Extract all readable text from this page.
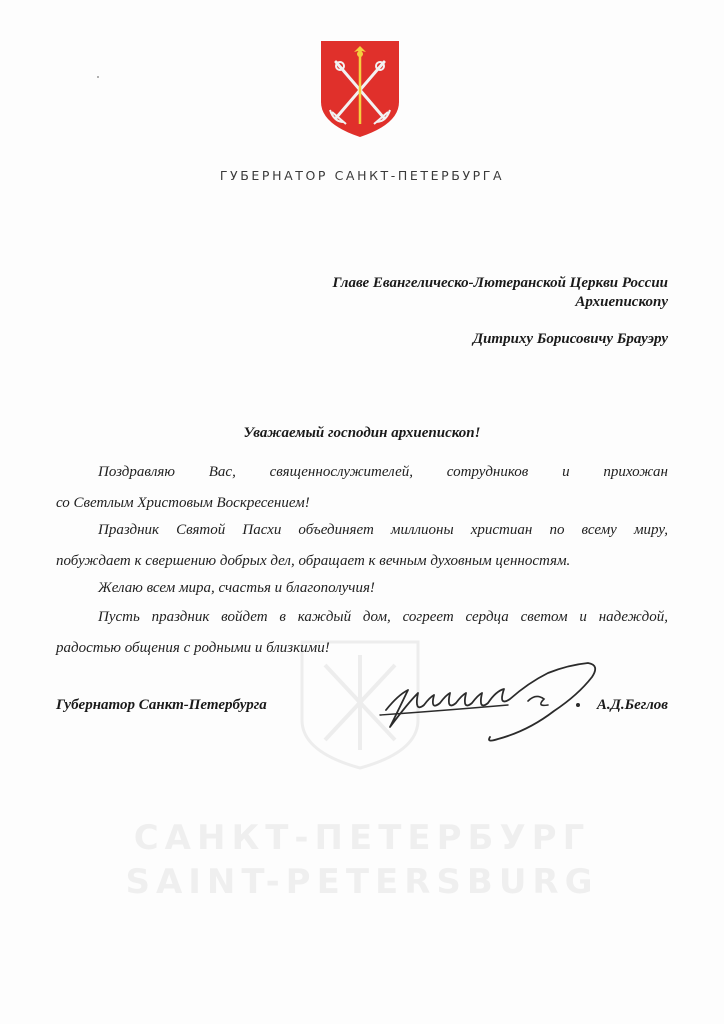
ГУБЕРНАТОР САНКТ-ПЕТЕРБУРГА
Главе Евангелическо-Лютеранской Церкви России
Архиепископу
Дитриху Борисовичу Брауэру
Уважаемый господин архиепископ!
Поздравляю Вас, священнослужителей, сотрудников и прихожан
со Светлым Христовым Воскресением!
Праздник Святой Пасхи объединяет миллионы христиан по всему миру,
побуждает к свершению добрых дел, обращает к вечным духовным ценностям.
Желаю всем мира, счастья и благополучия!
Пусть праздник войдет в каждый дом, согреет сердца светом и надеждой,
радостью общения с родными и близкими!
Губернатор Санкт-Петербурга	А.Д.Беглов
САНКТ-ПЕТЕРБУРГ
SAINT-PETERSBURG
